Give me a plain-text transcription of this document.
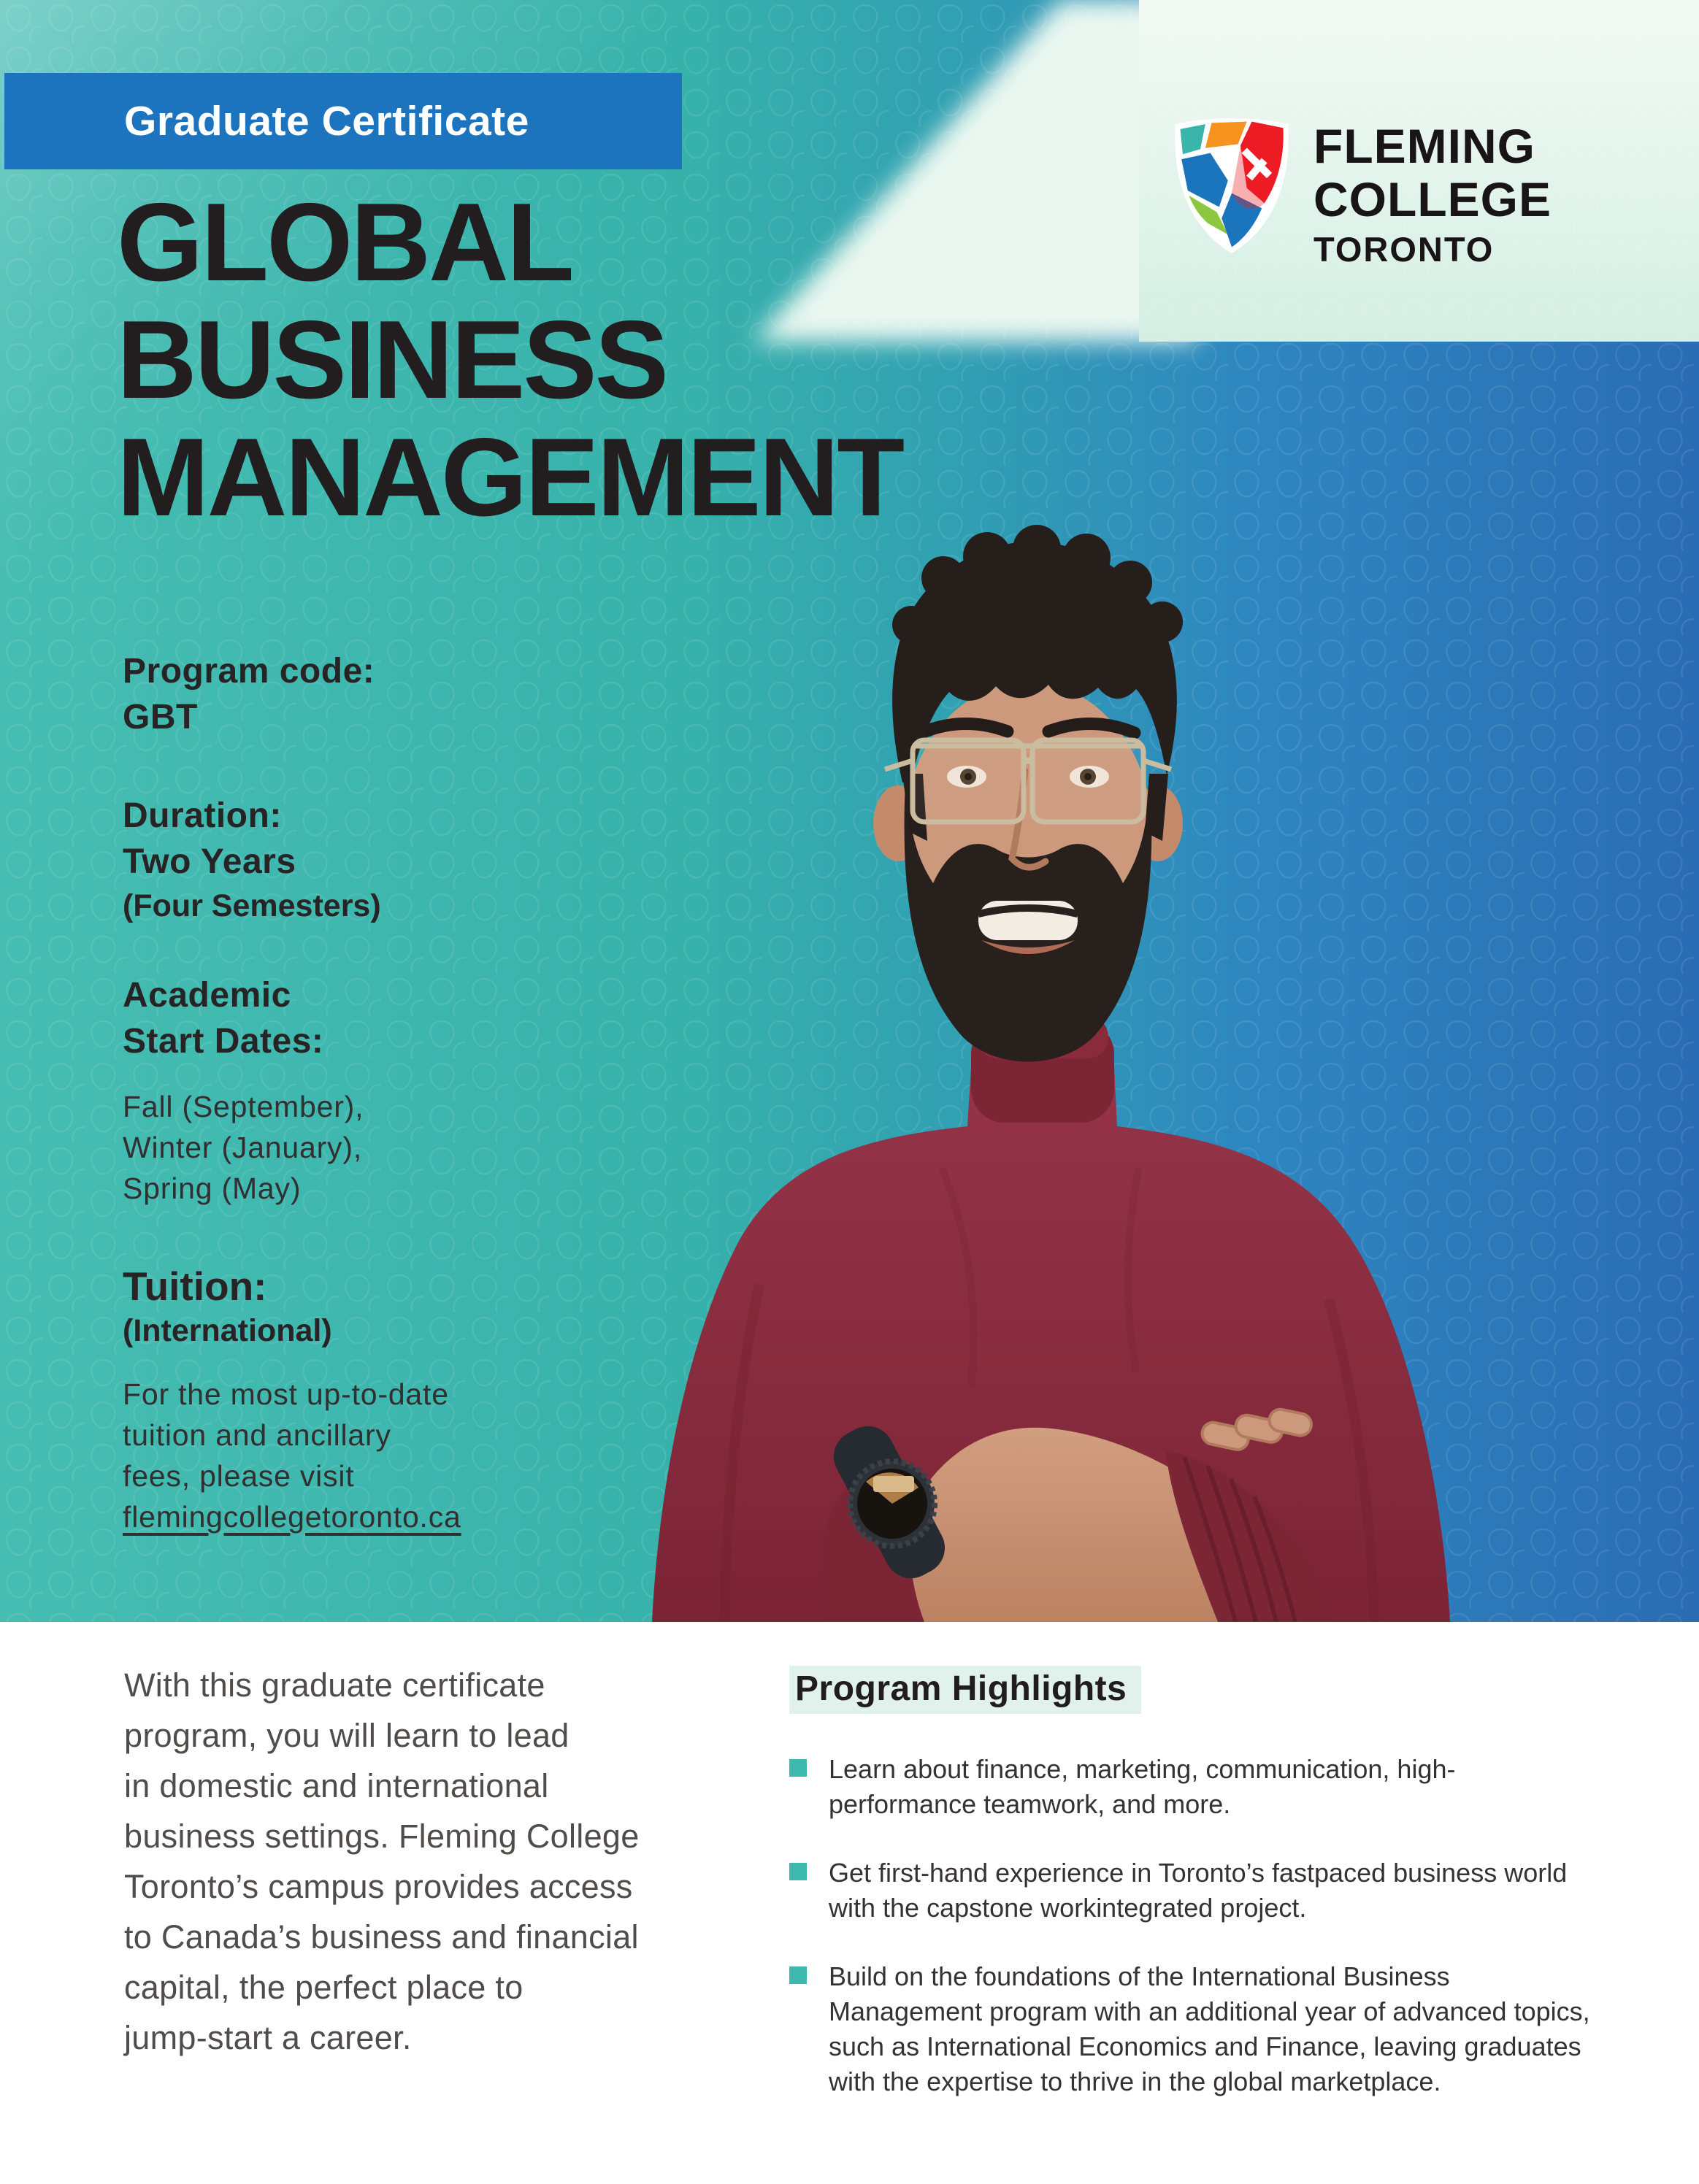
Graduate Certificate
GLOBAL
BUSINESS
MANAGEMENT
FLEMING
COLLEGE
TORONTO
Program code:
GBT
Duration:
Two Years
(Four Semesters)
Academic
Start Dates:
Fall (September),
Winter (January),
Spring (May)
Tuition:
(International)
For the most up-to-date
tuition and ancillary
fees, please visit
flemingcollegetoronto.ca
With this graduate certificate
program, you will learn to lead
in domestic and international
business settings. Fleming College
Toronto’s campus provides access
to Canada’s business and financial
capital, the perfect place to
jump-start a career.
Program Highlights
Learn about finance, marketing, communication, high-performance teamwork, and more.
Get first-hand experience in Toronto’s fastpaced business world with the capstone workintegrated project.
Build on the foundations of the International Business Management program with an additional year of advanced topics, such as International Economics and Finance, leaving graduates with the expertise to thrive in the global marketplace.
